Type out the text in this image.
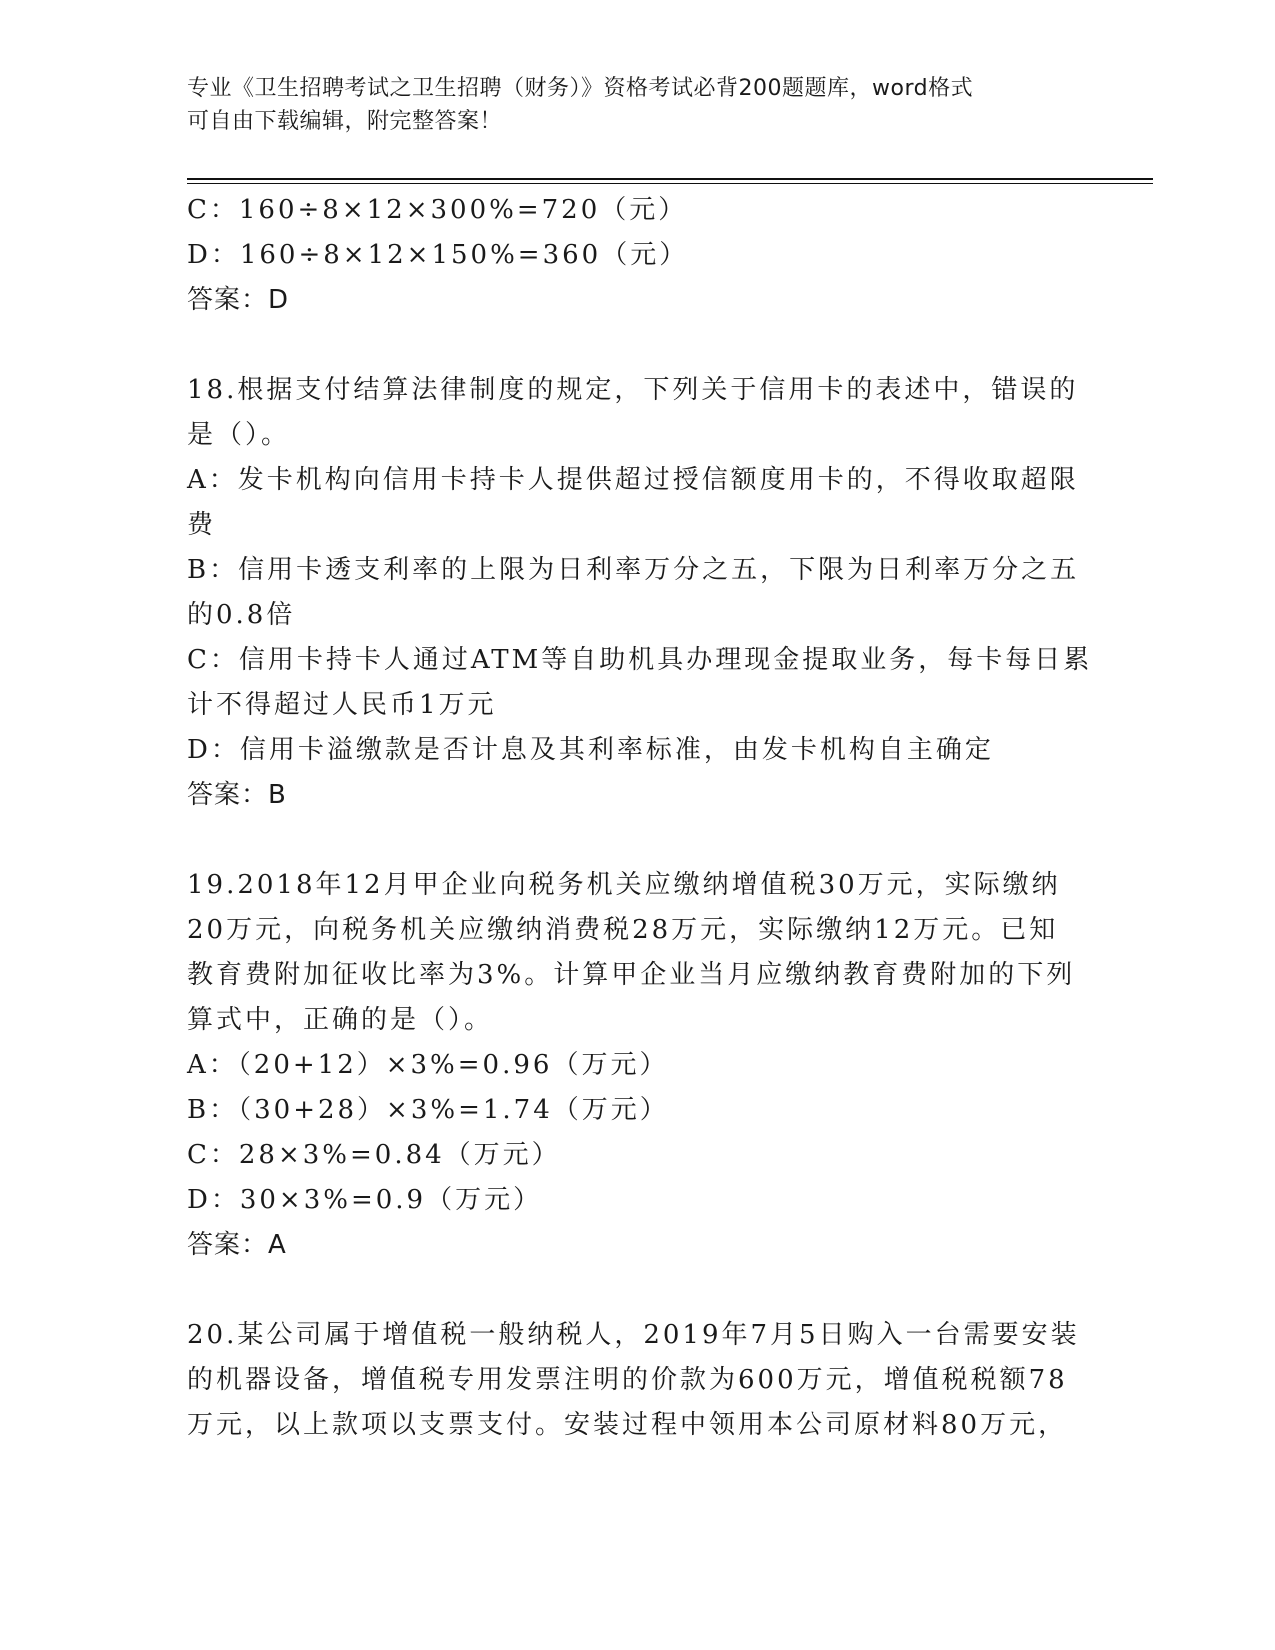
专业《卫生招聘考试之卫生招聘（财务）》资格考试必背200题题库，word格式
可自由下载编辑，附完整答案！
C：160÷8×12×300%=720（元）
D：160÷8×12×150%=360（元）
答案：D
18.根据支付结算法律制度的规定，下列关于信用卡的表述中，错误的
是（）。
A：发卡机构向信用卡持卡人提供超过授信额度用卡的，不得收取超限
费
B：信用卡透支利率的上限为日利率万分之五，下限为日利率万分之五
的0.8倍
C：信用卡持卡人通过ATM等自助机具办理现金提取业务，每卡每日累
计不得超过人民币1万元
D：信用卡溢缴款是否计息及其利率标准，由发卡机构自主确定
答案：B
19.2018年12月甲企业向税务机关应缴纳增值税30万元，实际缴纳
20万元，向税务机关应缴纳消费税28万元，实际缴纳12万元。已知
教育费附加征收比率为3%。计算甲企业当月应缴纳教育费附加的下列
算式中，正确的是（）。
A：（20+12）×3%=0.96（万元）
B：（30+28）×3%=1.74（万元）
C：28×3%=0.84（万元）
D：30×3%=0.9（万元）
答案：A
20.某公司属于增值税一般纳税人，2019年7月5日购入一台需要安装
的机器设备，增值税专用发票注明的价款为600万元，增值税税额78
万元，以上款项以支票支付。安装过程中领用本公司原材料80万元，
